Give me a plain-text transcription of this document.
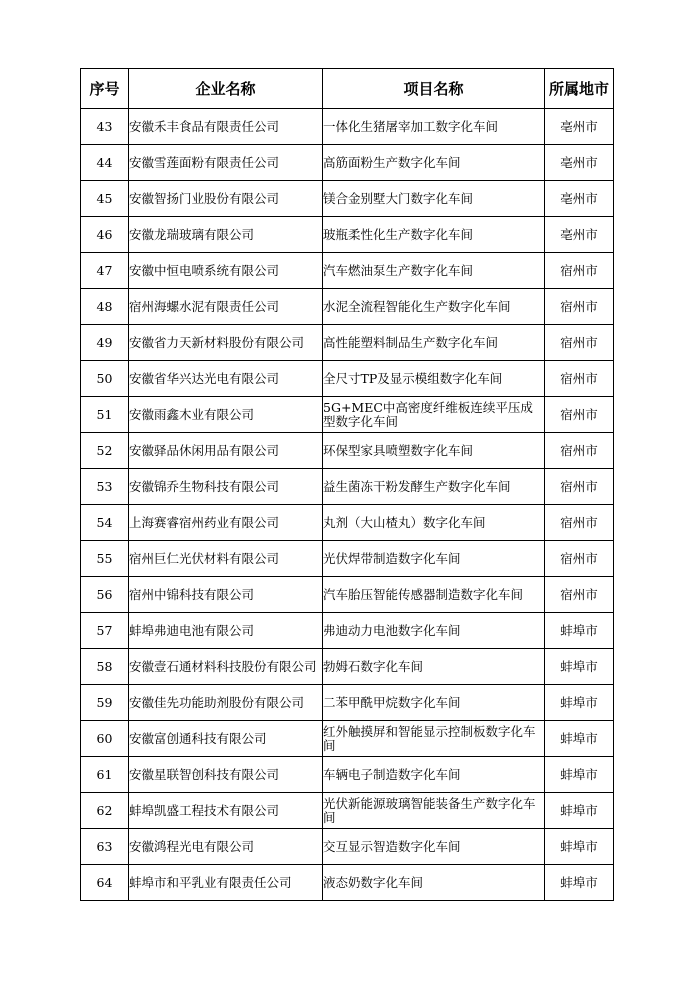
序号	企业名称	项目名称	所属地市
43	安徽禾丰食品有限责任公司	一体化生猪屠宰加工数字化车间	亳州市
44	安徽雪莲面粉有限责任公司	高筋面粉生产数字化车间	亳州市
45	安徽智扬门业股份有限公司	镁合金别墅大门数字化车间	亳州市
46	安徽龙瑞玻璃有限公司	玻瓶柔性化生产数字化车间	亳州市
47	安徽中恒电喷系统有限公司	汽车燃油泵生产数字化车间	宿州市
48	宿州海螺水泥有限责任公司	水泥全流程智能化生产数字化车间	宿州市
49	安徽省力天新材料股份有限公司	高性能塑料制品生产数字化车间	宿州市
50	安徽省华兴达光电有限公司	全尺寸TP及显示模组数字化车间	宿州市
51	安徽雨鑫木业有限公司	5G+MEC中高密度纤维板连续平压成型数字化车间	宿州市
52	安徽驿品休闲用品有限公司	环保型家具喷塑数字化车间	宿州市
53	安徽锦乔生物科技有限公司	益生菌冻干粉发酵生产数字化车间	宿州市
54	上海赛睿宿州药业有限公司	丸剂（大山楂丸）数字化车间	宿州市
55	宿州巨仁光伏材料有限公司	光伏焊带制造数字化车间	宿州市
56	宿州中锦科技有限公司	汽车胎压智能传感器制造数字化车间	宿州市
57	蚌埠弗迪电池有限公司	弗迪动力电池数字化车间	蚌埠市
58	安徽壹石通材料科技股份有限公司	勃姆石数字化车间	蚌埠市
59	安徽佳先功能助剂股份有限公司	二苯甲酰甲烷数字化车间	蚌埠市
60	安徽富创通科技有限公司	红外触摸屏和智能显示控制板数字化车间	蚌埠市
61	安徽星联智创科技有限公司	车辆电子制造数字化车间	蚌埠市
62	蚌埠凯盛工程技术有限公司	光伏新能源玻璃智能装备生产数字化车间	蚌埠市
63	安徽鸿程光电有限公司	交互显示智造数字化车间	蚌埠市
64	蚌埠市和平乳业有限责任公司	液态奶数字化车间	蚌埠市
